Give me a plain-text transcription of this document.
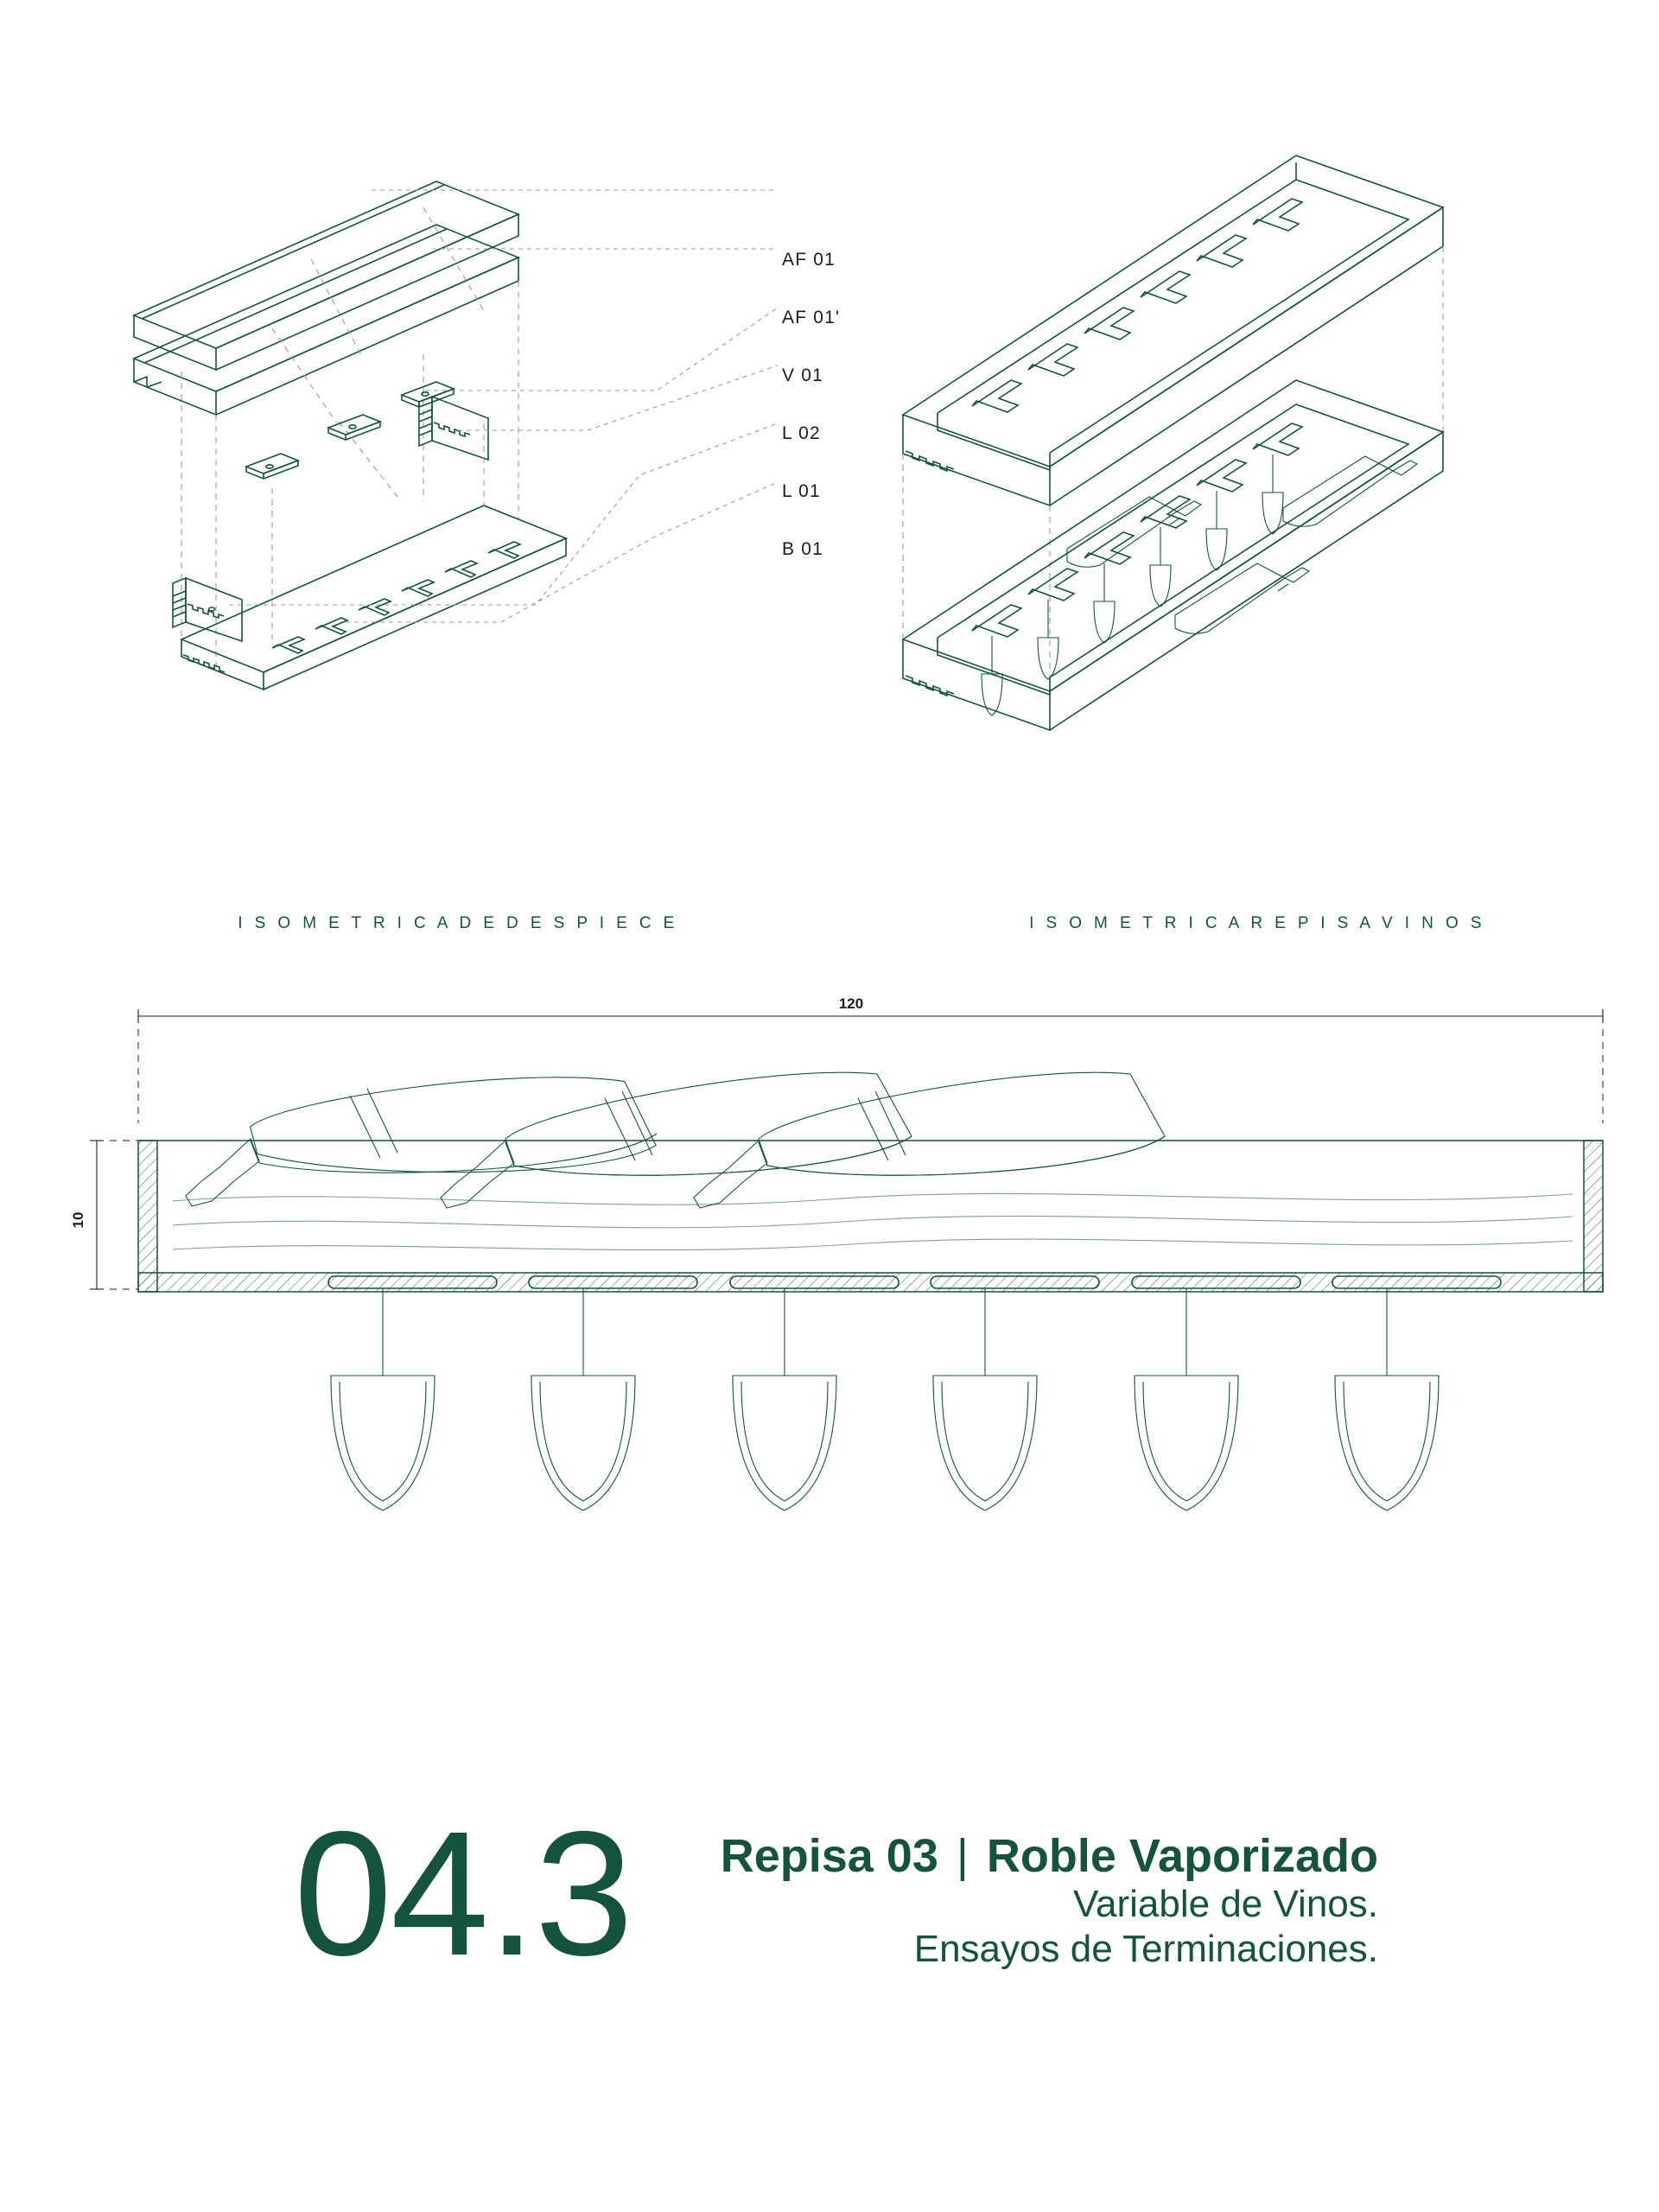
I S O M E T R I C A D E D E S P I E C E
AF 01
AF 01'
V 01
L 02
L 01
B 01
I S O M E T R I C A R E P I S A V I N O S
120
10
04.3 Repisa 03 | Roble Vaporizado
Variable de Vinos.
Ensayos de Terminaciones.
